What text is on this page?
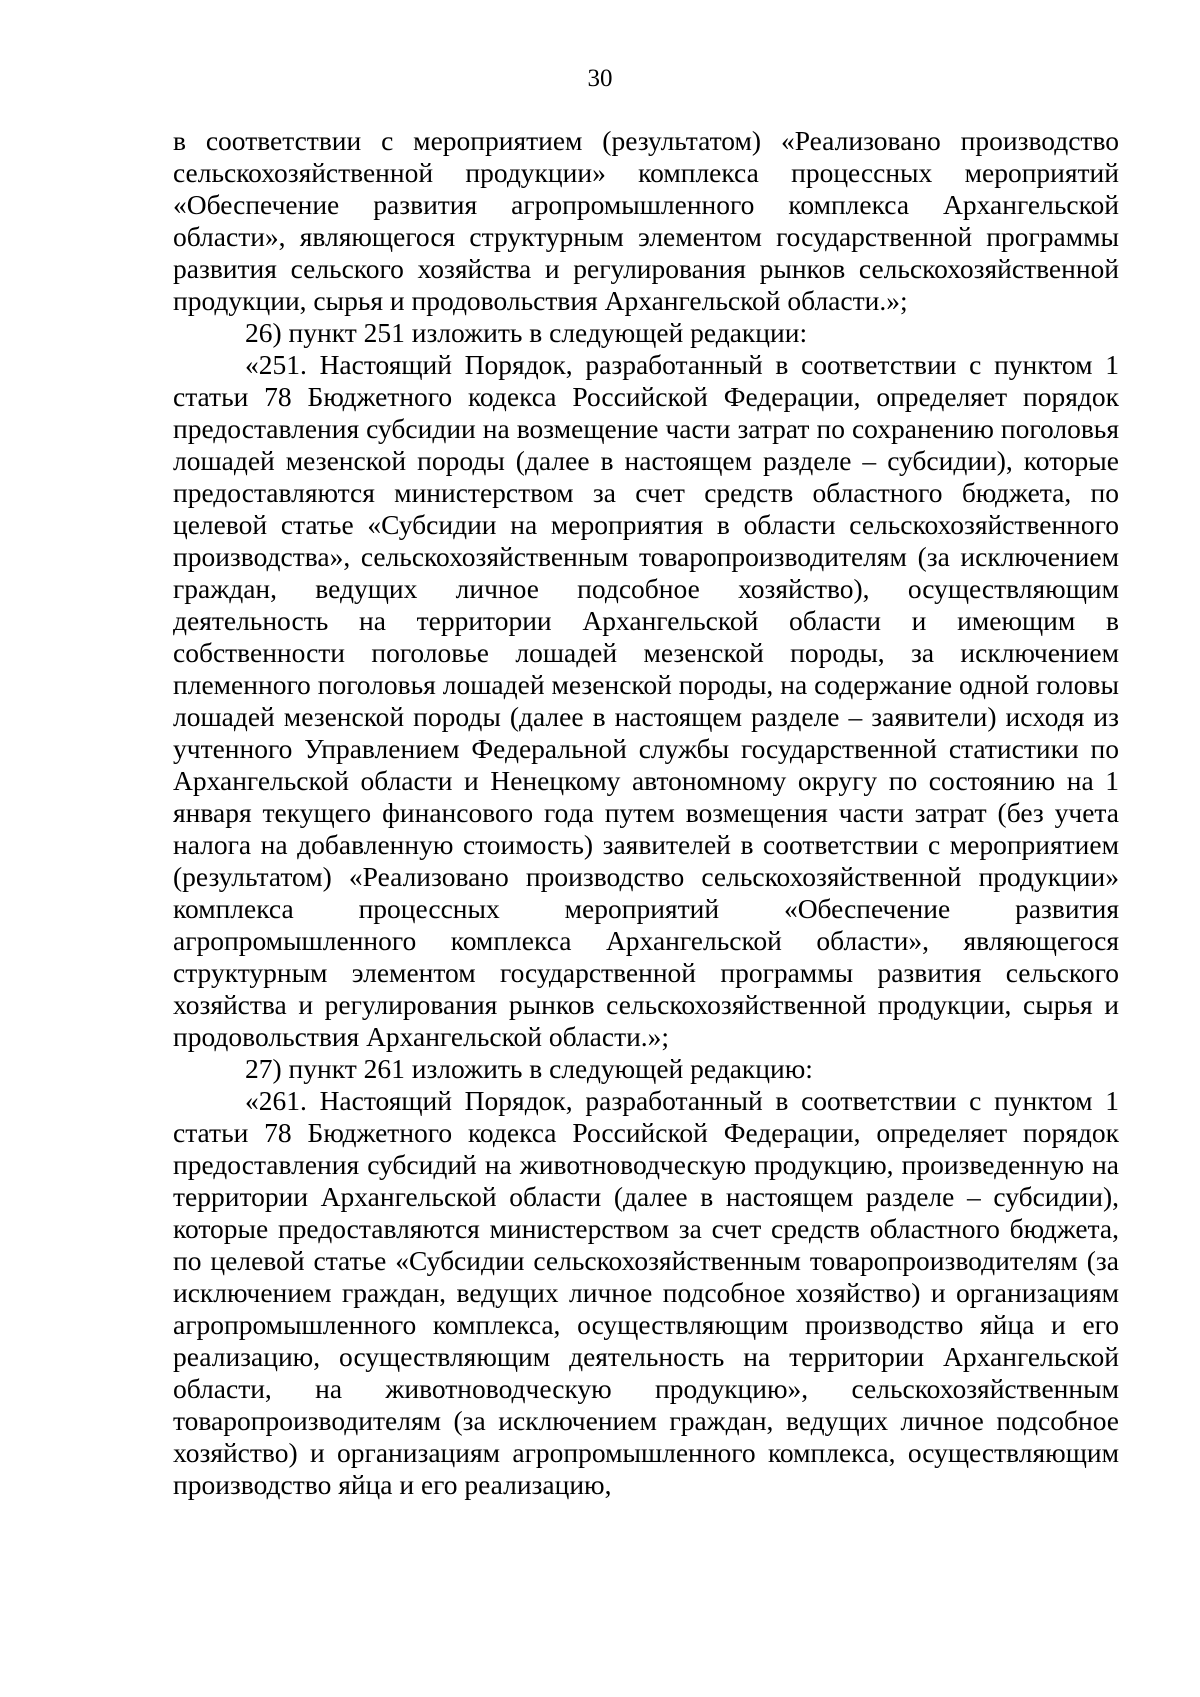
30

в соответствии с мероприятием (результатом) «Реализовано производство сельскохозяйственной продукции» комплекса процессных мероприятий «Обеспечение развития агропромышленного комплекса Архангельской области», являющегося структурным элементом государственной программы развития сельского хозяйства и регулирования рынков сельскохозяйственной продукции, сырья и продовольствия Архангельской области.»;

26) пункт 251 изложить в следующей редакции:

«251. Настоящий Порядок, разработанный в соответствии с пунктом 1 статьи 78 Бюджетного кодекса Российской Федерации, определяет порядок предоставления субсидии на возмещение части затрат по сохранению поголовья лошадей мезенской породы (далее в настоящем разделе – субсидии), которые предоставляются министерством за счет средств областного бюджета, по целевой статье «Субсидии на мероприятия в области сельскохозяйственного производства», сельскохозяйственным товаропроизводителям (за исключением граждан, ведущих личное подсобное хозяйство), осуществляющим деятельность на территории Архангельской области и имеющим в собственности поголовье лошадей мезенской породы, за исключением племенного поголовья лошадей мезенской породы, на содержание одной головы лошадей мезенской породы (далее в настоящем разделе – заявители) исходя из учтенного Управлением Федеральной службы государственной статистики по Архангельской области и Ненецкому автономному округу по состоянию на 1 января текущего финансового года путем возмещения части затрат (без учета налога на добавленную стоимость) заявителей в соответствии с мероприятием (результатом) «Реализовано производство сельскохозяйственной продукции» комплекса процессных мероприятий «Обеспечение развития агропромышленного комплекса Архангельской области», являющегося структурным элементом государственной программы развития сельского хозяйства и регулирования рынков сельскохозяйственной продукции, сырья и продовольствия Архангельской области.»;

27) пункт 261 изложить в следующей редакцию:

«261. Настоящий Порядок, разработанный в соответствии с пунктом 1 статьи 78 Бюджетного кодекса Российской Федерации, определяет порядок предоставления субсидий на животноводческую продукцию, произведенную на территории Архангельской области (далее в настоящем разделе – субсидии), которые предоставляются министерством за счет средств областного бюджета, по целевой статье «Субсидии сельскохозяйственным товаропроизводителям (за исключением граждан, ведущих личное подсобное хозяйство) и организациям агропромышленного комплекса, осуществляющим производство яйца и его реализацию, осуществляющим деятельность на территории Архангельской области, на животноводческую продукцию», сельскохозяйственным товаропроизводителям (за исключением граждан, ведущих личное подсобное хозяйство) и организациям агропромышленного комплекса, осуществляющим производство яйца и его реализацию,
